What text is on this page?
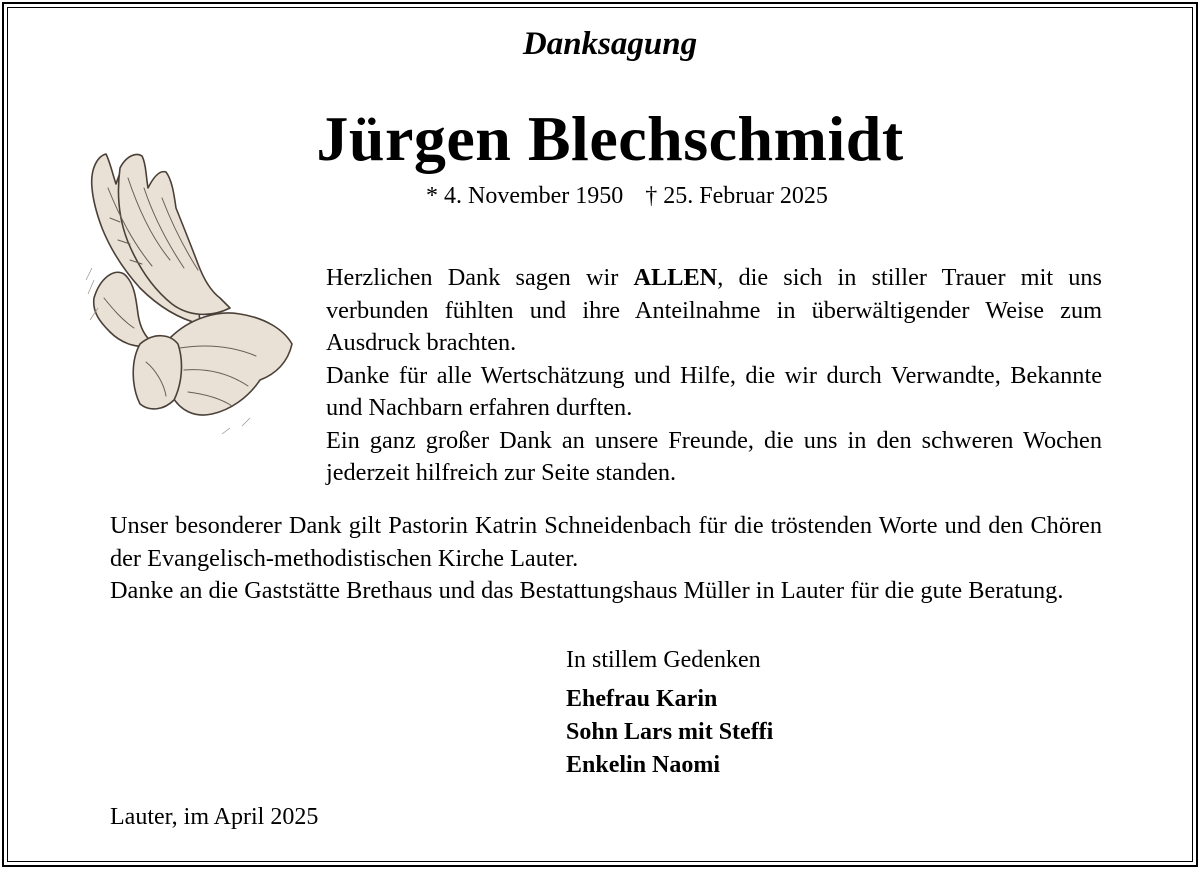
Danksagung
Jürgen Blechschmidt
* 4. November 1950 † 25. Februar 2025

Herzlichen Dank sagen wir ALLEN, die sich in stiller Trauer mit uns verbunden fühlten und ihre Anteilnahme in überwältigender Weise zum Ausdruck brachten.

Danke für alle Wertschätzung und Hilfe, die wir durch Verwandte, Bekannte und Nachbarn erfahren durften.

Ein ganz großer Dank an unsere Freunde, die uns in den schweren Wochen jederzeit hilfreich zur Seite standen.

Unser besonderer Dank gilt Pastorin Katrin Schneidenbach für die tröstenden Worte und den Chören der Evangelisch-methodistischen Kirche Lauter.

Danke an die Gaststätte Brethaus und das Bestattungshaus Müller in Lauter für die gute Beratung.

In stillem Gedenken
Ehefrau Karin
Sohn Lars mit Steffi
Enkelin Naomi
Lauter, im April 2025
